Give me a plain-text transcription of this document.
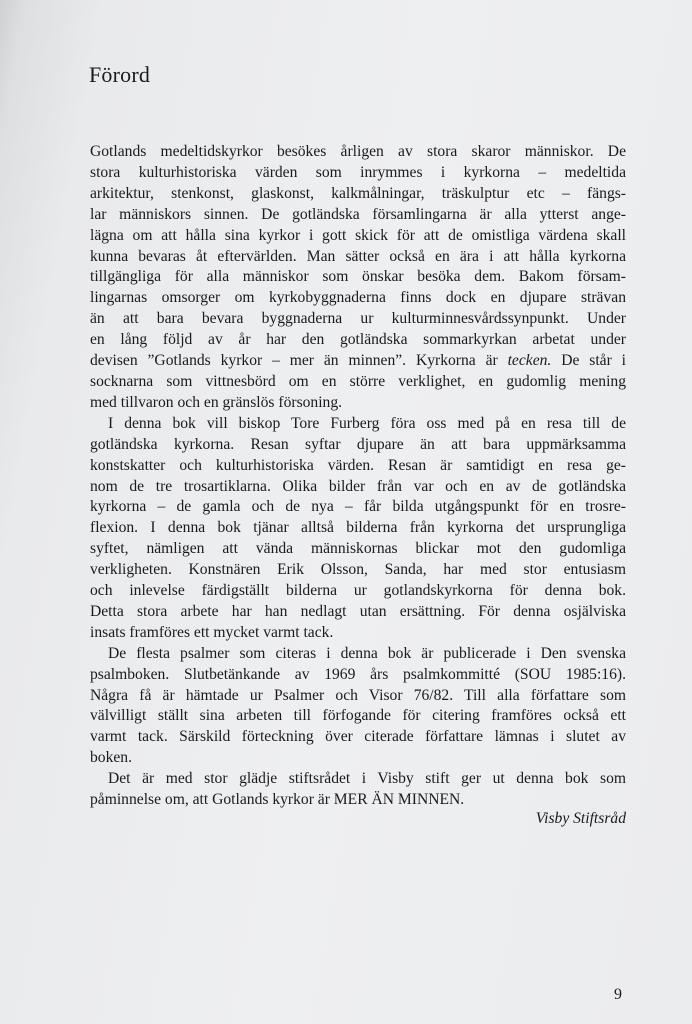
Förord
Gotlands medeltidskyrkor besökes årligen av stora skaror människor. De
stora kulturhistoriska värden som inrymmes i kyrkorna – medeltida
arkitektur, stenkonst, glaskonst, kalkmålningar, träskulptur etc – fängs-
lar människors sinnen. De gotländska församlingarna är alla ytterst ange-
lägna om att hålla sina kyrkor i gott skick för att de omistliga värdena skall
kunna bevaras åt eftervärlden. Man sätter också en ära i att hålla kyrkorna
tillgängliga för alla människor som önskar besöka dem. Bakom försam-
lingarnas omsorger om kyrkobyggnaderna finns dock en djupare strävan
än att bara bevara byggnaderna ur kulturminnesvårdssynpunkt. Under
en lång följd av år har den gotländska sommarkyrkan arbetat under
devisen ”Gotlands kyrkor – mer än minnen”. Kyrkorna är tecken. De står i
socknarna som vittnesbörd om en större verklighet, en gudomlig mening
med tillvaron och en gränslös försoning.
I denna bok vill biskop Tore Furberg föra oss med på en resa till de
gotländska kyrkorna. Resan syftar djupare än att bara uppmärksamma
konstskatter och kulturhistoriska värden. Resan är samtidigt en resa ge-
nom de tre trosartiklarna. Olika bilder från var och en av de gotländska
kyrkorna – de gamla och de nya – får bilda utgångspunkt för en trosre-
flexion. I denna bok tjänar alltså bilderna från kyrkorna det ursprungliga
syftet, nämligen att vända människornas blickar mot den gudomliga
verkligheten. Konstnären Erik Olsson, Sanda, har med stor entusiasm
och inlevelse färdigställt bilderna ur gotlandskyrkorna för denna bok.
Detta stora arbete har han nedlagt utan ersättning. För denna osjälviska
insats framföres ett mycket varmt tack.
De flesta psalmer som citeras i denna bok är publicerade i Den svenska
psalmboken. Slutbetänkande av 1969 års psalmkommitté (SOU 1985:16).
Några få är hämtade ur Psalmer och Visor 76/82. Till alla författare som
välvilligt ställt sina arbeten till förfogande för citering framföres också ett
varmt tack. Särskild förteckning över citerade författare lämnas i slutet av
boken.
Det är med stor glädje stiftsrådet i Visby stift ger ut denna bok som
påminnelse om, att Gotlands kyrkor är MER ÄN MINNEN.
Visby Stiftsråd
9
